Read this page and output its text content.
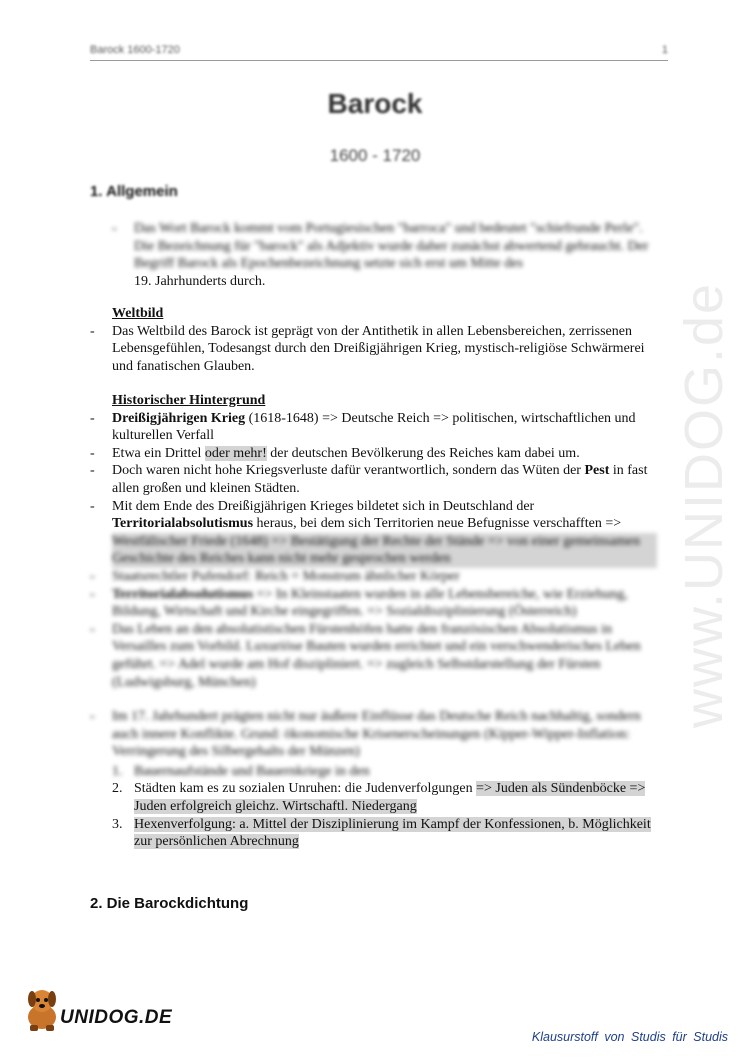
Barock 1600-1720	1
Barock
1600 - 1720
1. Allgemein
-	Das Wort Barock kommt vom Portugiesischen "barroca" und bedeutet "schiefrunde Perle". Die Bezeichnung für "barock" als Adjektiv wurde daher zunächst abwertend gebraucht. Der Begriff Barock als Epochenbezeichnung setzte sich erst um Mitte des
19. Jahrhunderts durch.
Weltbild
-	Das Weltbild des Barock ist geprägt von der Antithetik in allen Lebensbereichen, zerrissenen Lebensgefühlen, Todesangst durch den Dreißigjährigen Krieg, mystisch-religiöse Schwärmerei und fanatischen Glauben.
Historischer Hintergrund
-	Dreißigjährigen Krieg (1618-1648) => Deutsche Reich => politischen, wirtschaftlichen und kulturellen Verfall
-	Etwa ein Drittel oder mehr! der deutschen Bevölkerung des Reiches kam dabei um.
-	Doch waren nicht hohe Kriegsverluste dafür verantwortlich, sondern das Wüten der Pest in fast allen großen und kleinen Städten.
-	Mit dem Ende des Dreißigjährigen Krieges bildetet sich in Deutschland der Territorialabsolutismus heraus, bei dem sich Territorien neue Befugnisse verschafften =>
Westfälischer Friede (1648) => Bestätigung der Rechte der Stände => von einer gemeinsamen Geschichte des Reiches kann nicht mehr gesprochen werden
-	Staatsrechtler Pufendorf: Reich = Monstrum ähnlicher Körper
-	Territorialabsolutismus => In Kleinstaaten wurden in alle Lebensbereiche, wie Erziehung, Bildung, Wirtschaft und Kirche eingegriffen. => Sozialdisziplinierung (Österreich)
-	Das Leben an den absolutistischen Fürstenhöfen hatte den französischen Absolutismus in Versailles zum Vorbild. Luxuriöse Bauten wurden errichtet und ein verschwenderisches Leben geführt. => Adel wurde am Hof diszipliniert. => zugleich Selbstdarstellung der Fürsten (Ludwigsburg, München)
-	Im 17. Jahrhundert prägten nicht nur äußere Einflüsse das Deutsche Reich nachhaltig, sondern auch innere Konflikte. Grund: ökonomische Krisenerscheinungen (Kipper-Wipper-Inflation: Verringerung des Silbergehalts der Münzen)
1. Bauernaufstände und Bauernkriege in den
2. Städten kam es zu sozialen Unruhen: die Judenverfolgungen => Juden als Sündenböcke => Juden erfolgreich gleichz. Wirtschaftl. Niedergang
3. Hexenverfolgung: a. Mittel der Disziplinierung im Kampf der Konfessionen, b. Möglichkeit zur persönlichen Abrechnung
2. Die Barockdichtung
www.UNIDOG.de
UNIDOG.DE
Klausurstoff von Studis für Studis
